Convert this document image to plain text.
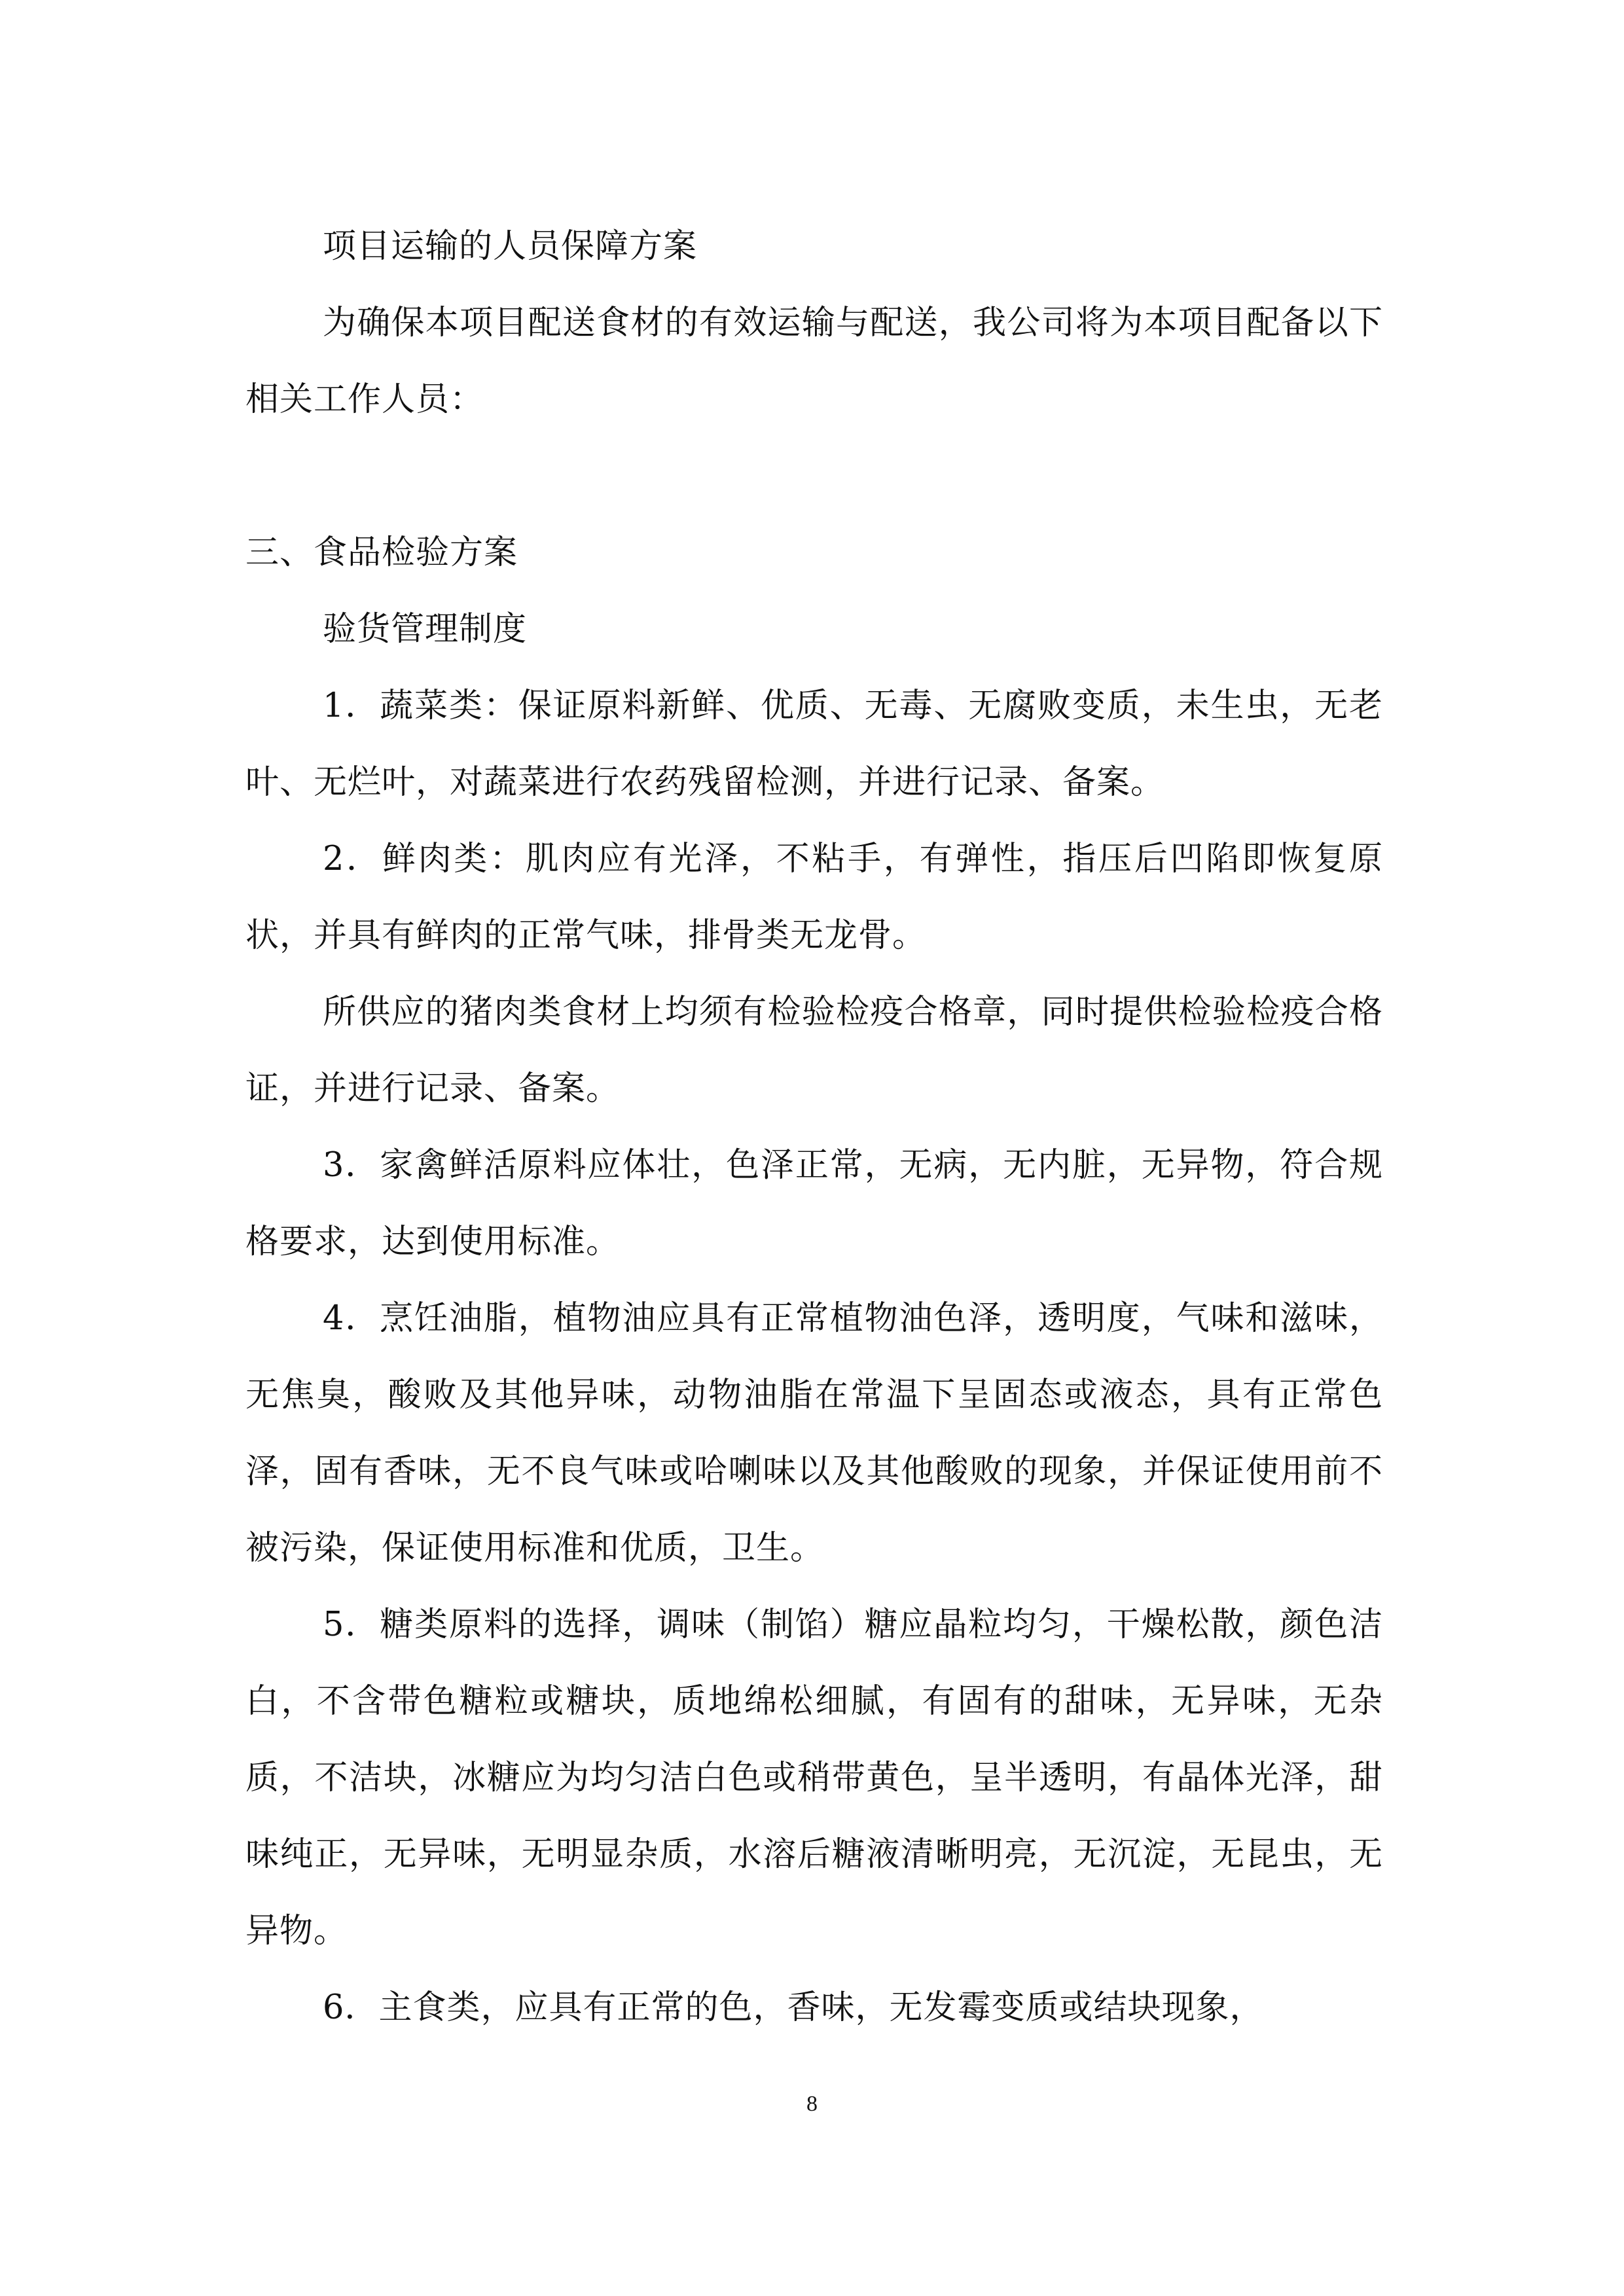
项目运输的人员保障方案

为确保本项目配送食材的有效运输与配送，我公司将为本项目配备以下相关工作人员：

三、食品检验方案

验货管理制度

1．蔬菜类：保证原料新鲜、优质、无毒、无腐败变质，未生虫，无老叶、无烂叶，对蔬菜进行农药残留检测，并进行记录、备案。

2．鲜肉类：肌肉应有光泽，不粘手，有弹性，指压后凹陷即恢复原状，并具有鲜肉的正常气味，排骨类无龙骨。

所供应的猪肉类食材上均须有检验检疫合格章，同时提供检验检疫合格证，并进行记录、备案。

3．家禽鲜活原料应体壮，色泽正常，无病，无内脏，无异物，符合规格要求，达到使用标准。

4．烹饪油脂，植物油应具有正常植物油色泽，透明度，气味和滋味，无焦臭，酸败及其他异味，动物油脂在常温下呈固态或液态，具有正常色泽，固有香味，无不良气味或哈喇味以及其他酸败的现象，并保证使用前不被污染，保证使用标准和优质，卫生。

5．糖类原料的选择，调味（制馅）糖应晶粒均匀，干燥松散，颜色洁白，不含带色糖粒或糖块，质地绵松细腻，有固有的甜味，无异味，无杂质，不洁块，冰糖应为均匀洁白色或稍带黄色，呈半透明，有晶体光泽，甜味纯正，无异味，无明显杂质，水溶后糖液清晰明亮，无沉淀，无昆虫，无异物。

6．主食类，应具有正常的色，香味，无发霉变质或结块现象，

8
